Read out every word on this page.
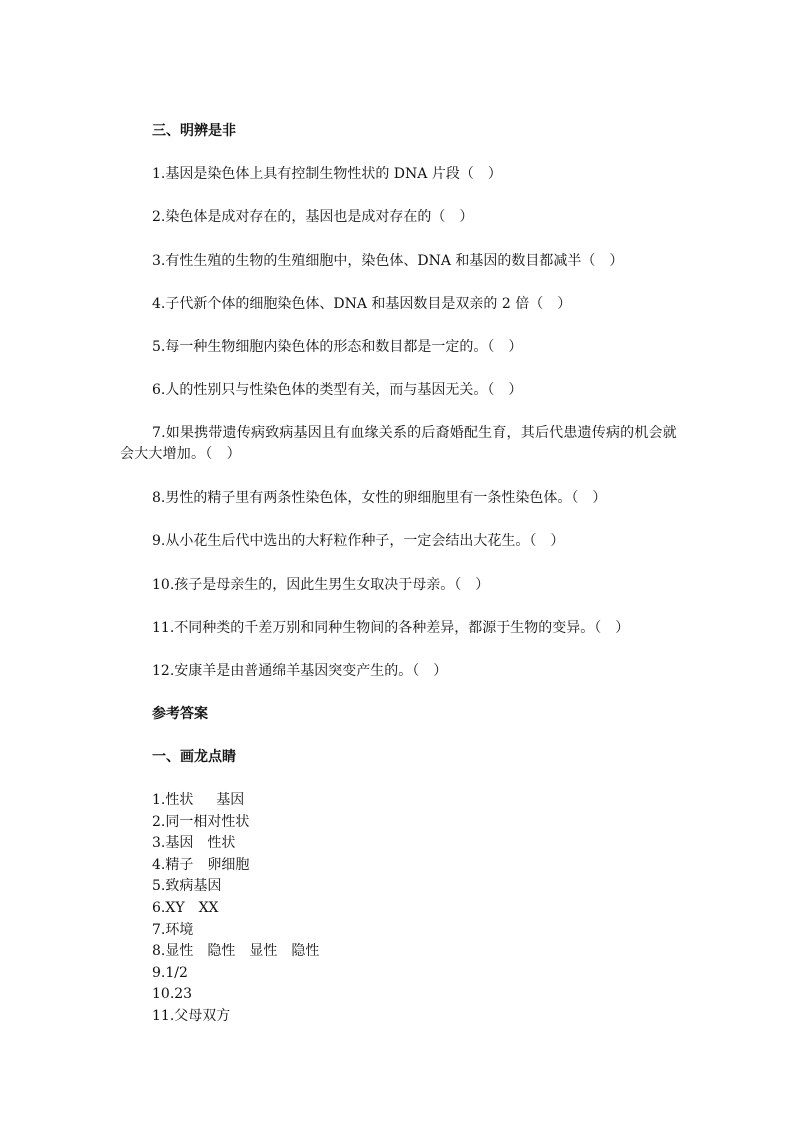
三、明辨是非
1.基因是染色体上具有控制生物性状的 DNA 片段（　）
2.染色体是成对存在的，基因也是成对存在的（　）
3.有性生殖的生物的生殖细胞中，染色体、DNA 和基因的数目都减半（　）
4.子代新个体的细胞染色体、DNA 和基因数目是双亲的 2 倍（　）
5.每一种生物细胞内染色体的形态和数目都是一定的。（　）
6.人的性别只与性染色体的类型有关，而与基因无关。（　）
7.如果携带遗传病致病基因且有血缘关系的后裔婚配生育，其后代患遗传病的机会就会大大增加。（　）
8.男性的精子里有两条性染色体，女性的卵细胞里有一条性染色体。（　）
9.从小花生后代中选出的大籽粒作种子，一定会结出大花生。（　）
10.孩子是母亲生的，因此生男生女取决于母亲。（　）
11.不同种类的千差万别和同种生物间的各种差异，都源于生物的变异。（　）
12.安康羊是由普通绵羊基因突变产生的。（　）
参考答案
一、画龙点睛
1.性状　  基因
2.同一相对性状
3.基因　性状
4.精子　卵细胞
5.致病基因
6.XY　XX
7.环境
8.显性　隐性　显性　隐性
9.1/2
10.23
11.父母双方
